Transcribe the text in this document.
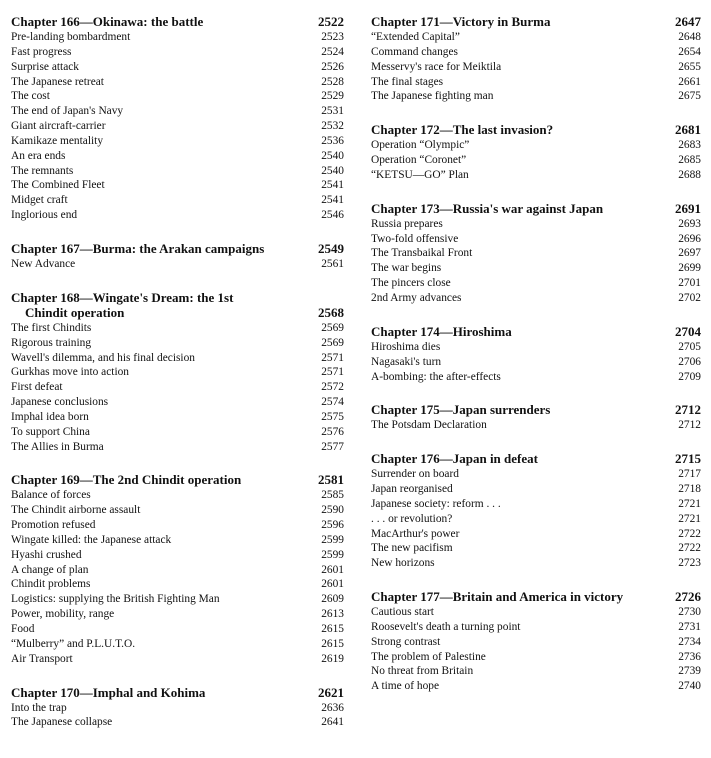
Chapter 166—Okinawa: the battle	2522
Pre-landing bombardment	2523
Fast progress	2524
Surprise attack	2526
The Japanese retreat	2528
The cost	2529
The end of Japan's Navy	2531
Giant aircraft-carrier	2532
Kamikaze mentality	2536
An era ends	2540
The remnants	2540
The Combined Fleet	2541
Midget craft	2541
Inglorious end	2546
Chapter 167—Burma: the Arakan campaigns	2549
New Advance	2561
Chapter 168—Wingate's Dream: the 1st
Chindit operation	2568
The first Chindits	2569
Rigorous training	2569
Wavell's dilemma, and his final decision	2571
Gurkhas move into action	2571
First defeat	2572
Japanese conclusions	2574
Imphal idea born	2575
To support China	2576
The Allies in Burma	2577
Chapter 169—The 2nd Chindit operation	2581
Balance of forces	2585
The Chindit airborne assault	2590
Promotion refused	2596
Wingate killed: the Japanese attack	2599
Hyashi crushed	2599
A change of plan	2601
Chindit problems	2601
Logistics: supplying the British Fighting Man	2609
Power, mobility, range	2613
Food	2615
“Mulberry” and P.L.U.T.O.	2615
Air Transport	2619
Chapter 170—Imphal and Kohima	2621
Into the trap	2636
The Japanese collapse	2641
Chapter 171—Victory in Burma	2647
“Extended Capital”	2648
Command changes	2654
Messervy's race for Meiktila	2655
The final stages	2661
The Japanese fighting man	2675
Chapter 172—The last invasion?	2681
Operation “Olympic”	2683
Operation “Coronet”	2685
“KETSU—GO” Plan	2688
Chapter 173—Russia's war against Japan	2691
Russia prepares	2693
Two-fold offensive	2696
The Transbaikal Front	2697
The war begins	2699
The pincers close	2701
2nd Army advances	2702
Chapter 174—Hiroshima	2704
Hiroshima dies	2705
Nagasaki's turn	2706
A-bombing: the after-effects	2709
Chapter 175—Japan surrenders	2712
The Potsdam Declaration	2712
Chapter 176—Japan in defeat	2715
Surrender on board	2717
Japan reorganised	2718
Japanese society: reform . . .	2721
. . . or revolution?	2721
MacArthur's power	2722
The new pacifism	2722
New horizons	2723
Chapter 177—Britain and America in victory	2726
Cautious start	2730
Roosevelt's death a turning point	2731
Strong contrast	2734
The problem of Palestine	2736
No threat from Britain	2739
A time of hope	2740
